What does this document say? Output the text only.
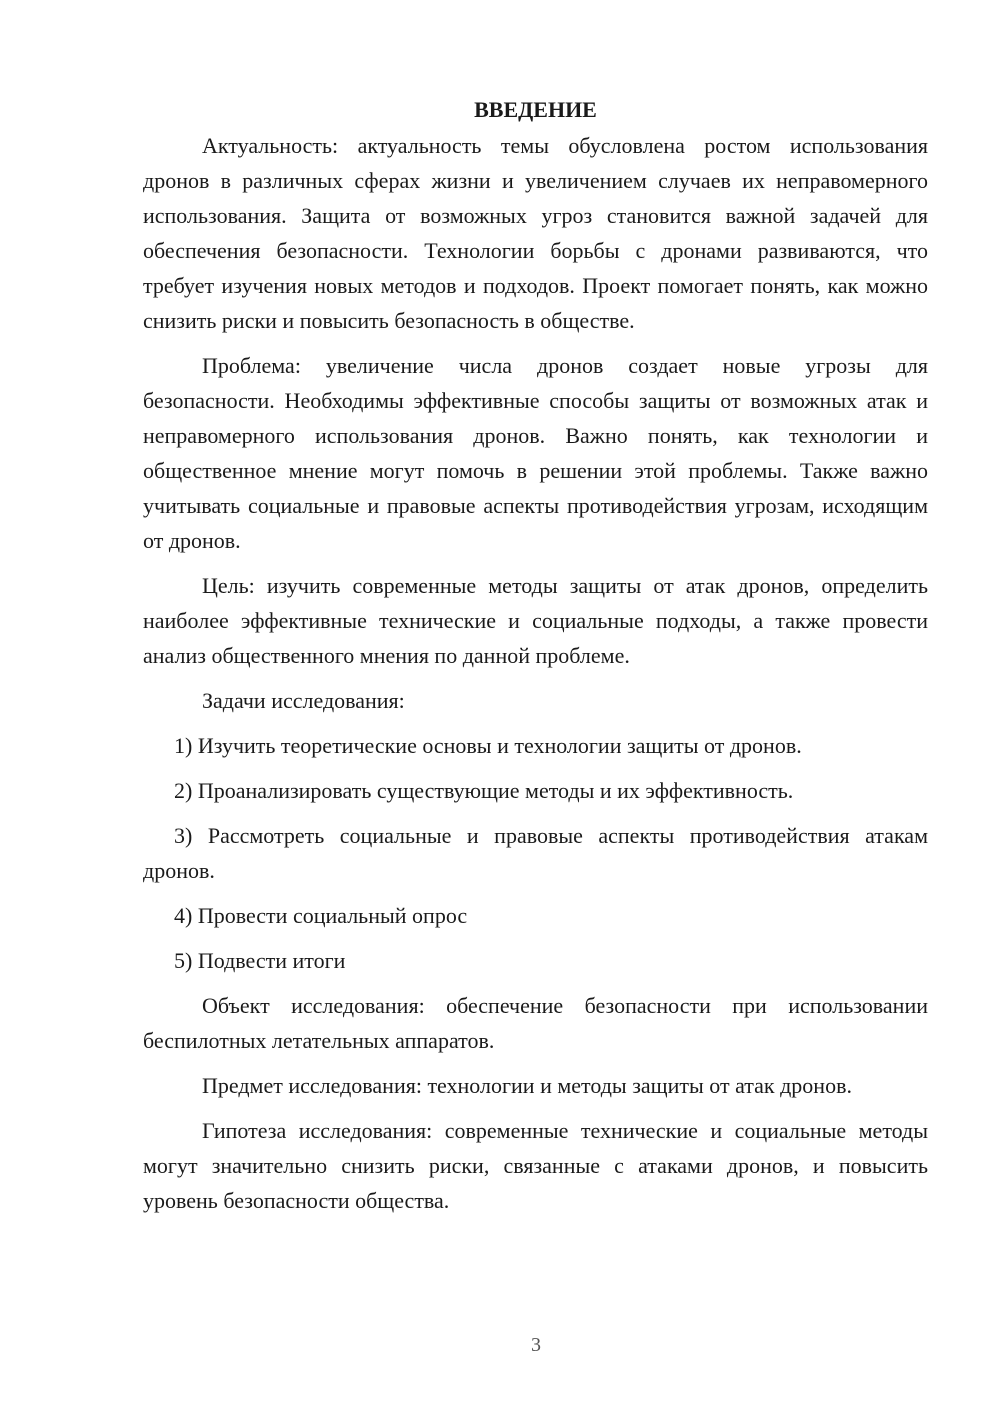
ВВЕДЕНИЕ

Актуальность: актуальность темы обусловлена ростом использования дронов в различных сферах жизни и увеличением случаев их неправомерного использования. Защита от возможных угроз становится важной задачей для обеспечения безопасности. Технологии борьбы с дронами развиваются, что требует изучения новых методов и подходов. Проект помогает понять, как можно снизить риски и повысить безопасность в обществе.

Проблема: увеличение числа дронов создает новые угрозы для безопасности. Необходимы эффективные способы защиты от возможных атак и неправомерного использования дронов. Важно понять, как технологии и общественное мнение могут помочь в решении этой проблемы. Также важно учитывать социальные и правовые аспекты противодействия угрозам, исходящим от дронов.

Цель: изучить современные методы защиты от атак дронов, определить наиболее эффективные технические и социальные подходы, а также провести анализ общественного мнения по данной проблеме.

Задачи исследования:

1) Изучить теоретические основы и технологии защиты от дронов.

2) Проанализировать существующие методы и их эффективность.

3) Рассмотреть социальные и правовые аспекты противодействия атакам дронов.

4) Провести социальный опрос

5) Подвести итоги

Объект исследования: обеспечение безопасности при использовании беспилотных летательных аппаратов.

Предмет исследования: технологии и методы защиты от атак дронов.

Гипотеза исследования: современные технические и социальные методы могут значительно снизить риски, связанные с атаками дронов, и повысить уровень безопасности общества.

3
